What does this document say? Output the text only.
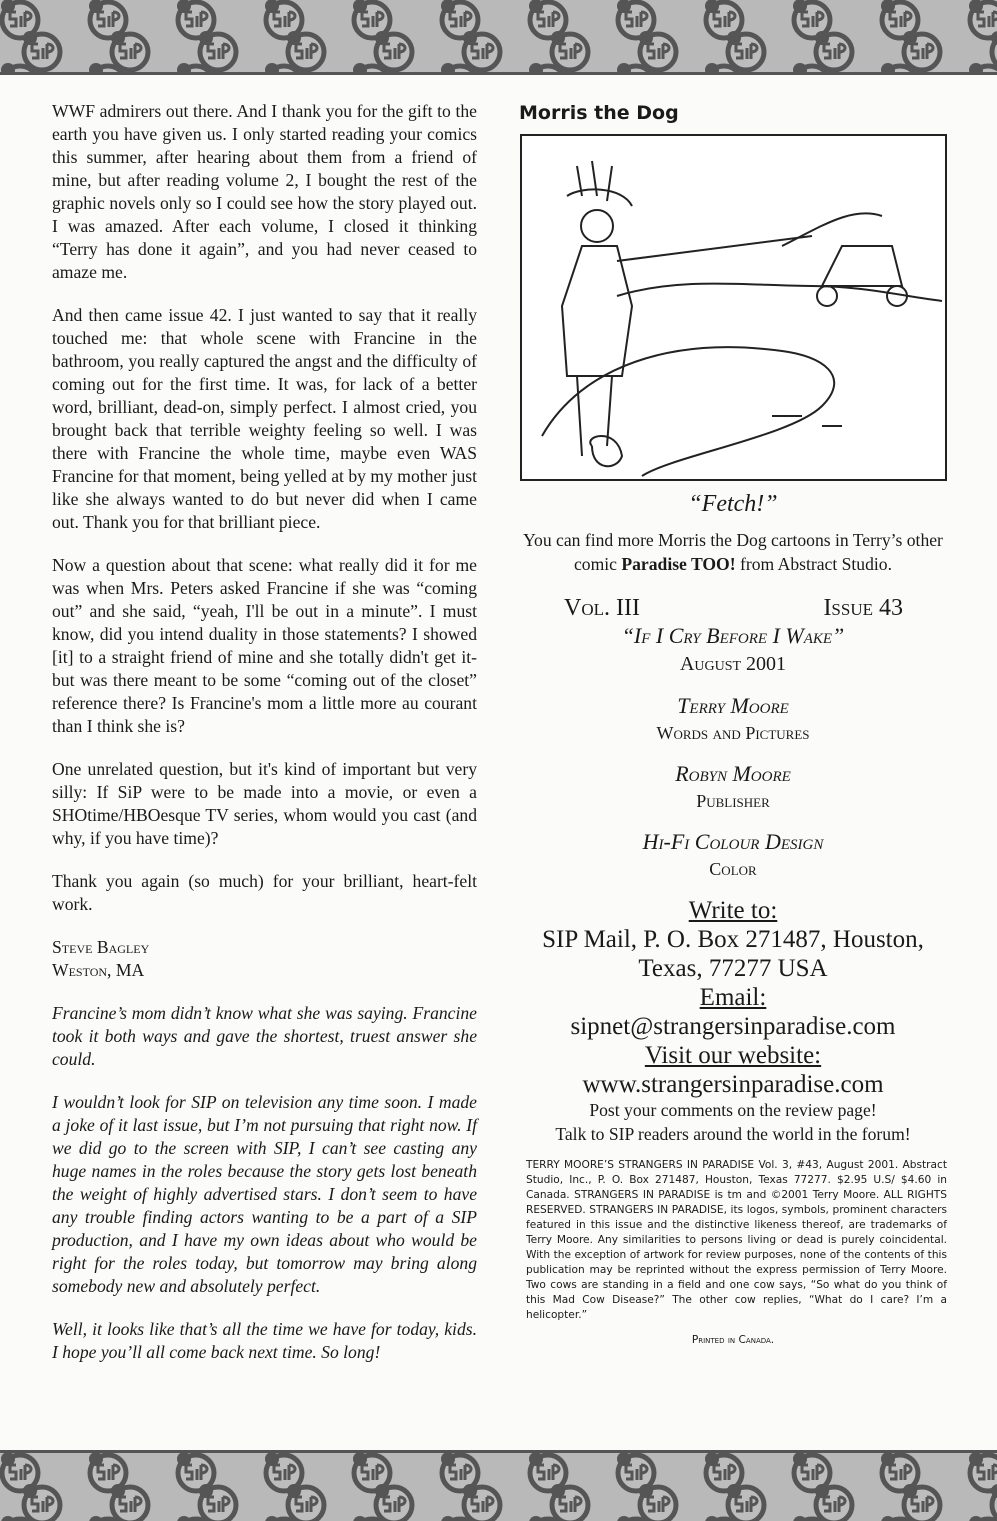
WWF admirers out there. And I thank you for the gift to the earth you have given us. I only started reading your comics this summer, after hearing about them from a friend of mine, but after reading volume 2, I bought the rest of the graphic novels only so I could see how the story played out. I was amazed. After each volume, I closed it thinking “Terry has done it again”, and you had never ceased to amaze me.

And then came issue 42. I just wanted to say that it really touched me: that whole scene with Francine in the bathroom, you really captured the angst and the difficulty of coming out for the first time. It was, for lack of a better word, brilliant, dead-on, simply perfect. I almost cried, you brought back that terrible weighty feeling so well. I was there with Francine the whole time, maybe even WAS Francine for that moment, being yelled at by my mother just like she always wanted to do but never did when I came out. Thank you for that brilliant piece.

Now a question about that scene: what really did it for me was when Mrs. Peters asked Francine if she was “coming out” and she said, “yeah, I'll be out in a minute”. I must know, did you intend duality in those statements? I showed [it] to a straight friend of mine and she totally didn't get it- but was there meant to be some “coming out of the closet” reference there? Is Francine's mom a little more au courant than I think she is?

One unrelated question, but it's kind of important but very silly: If SiP were to be made into a movie, or even a SHOtime/HBOesque TV series, whom would you cast (and why, if you have time)?

Thank you again (so much) for your brilliant, heart-felt work.

Steve Bagley
Weston, MA

Francine’s mom didn’t know what she was saying. Francine took it both ways and gave the shortest, truest answer she could.

I wouldn’t look for SIP on television any time soon. I made a joke of it last issue, but I’m not pursuing that right now. If we did go to the screen with SIP, I can’t see casting any huge names in the roles because the story gets lost beneath the weight of highly advertised stars. I don’t seem to have any trouble finding actors wanting to be a part of a SIP production, and I have my own ideas about who would be right for the roles today, but tomorrow may bring along somebody new and absolutely perfect.

Well, it looks like that’s all the time we have for today, kids. I hope you’ll all come back next time. So long!

Morris the Dog
“Fetch!”
You can find more Morris the Dog cartoons in Terry’s other comic Paradise TOO! from Abstract Studio.
Vol. III	Issue 43
“If I Cry Before I Wake”
August 2001
Terry Moore
Words and Pictures
Robyn Moore
Publisher
Hi-Fi Colour Design
Color
Write to:
SIP Mail, P. O. Box 271487, Houston,
Texas, 77277 USA
Email:
sipnet@strangersinparadise.com
Visit our website:
www.strangersinparadise.com
Post your comments on the review page!
Talk to SIP readers around the world in the forum!
TERRY MOORE’S STRANGERS IN PARADISE Vol. 3, #43, August 2001. Abstract Studio, Inc., P. O. Box 271487, Houston, Texas 77277. $2.95 U.S/ $4.60 in Canada. STRANGERS IN PARADISE is tm and ©2001 Terry Moore. ALL RIGHTS RESERVED. STRANGERS IN PARADISE, its logos, symbols, prominent characters featured in this issue and the distinctive likeness thereof, are trademarks of Terry Moore. Any similarities to persons living or dead is purely coincidental. With the exception of artwork for review purposes, none of the contents of this publication may be reprinted without the express permission of Terry Moore. Two cows are standing in a field and one cow says, “So what do you think of this Mad Cow Disease?” The other cow replies, “What do I care? I’m a helicopter.”
Printed in Canada.
